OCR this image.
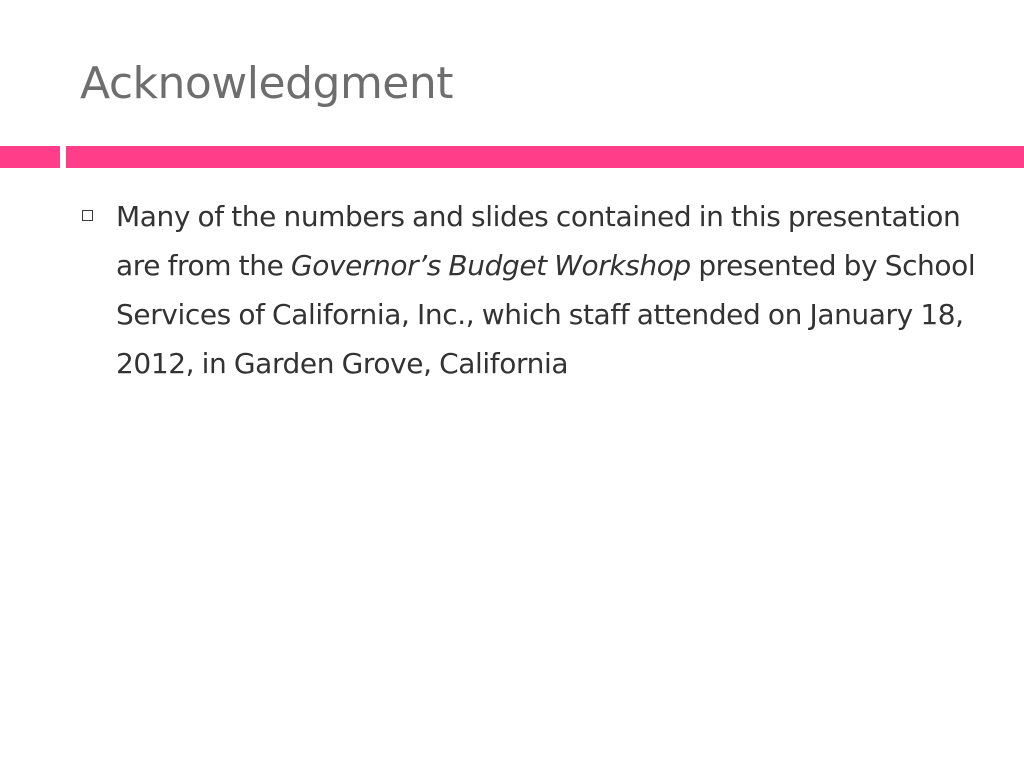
Acknowledgment

Many of the numbers and slides contained in this presentation are from the Governor’s Budget Workshop presented by School Services of California, Inc., which staff attended on January 18, 2012, in Garden Grove, California
